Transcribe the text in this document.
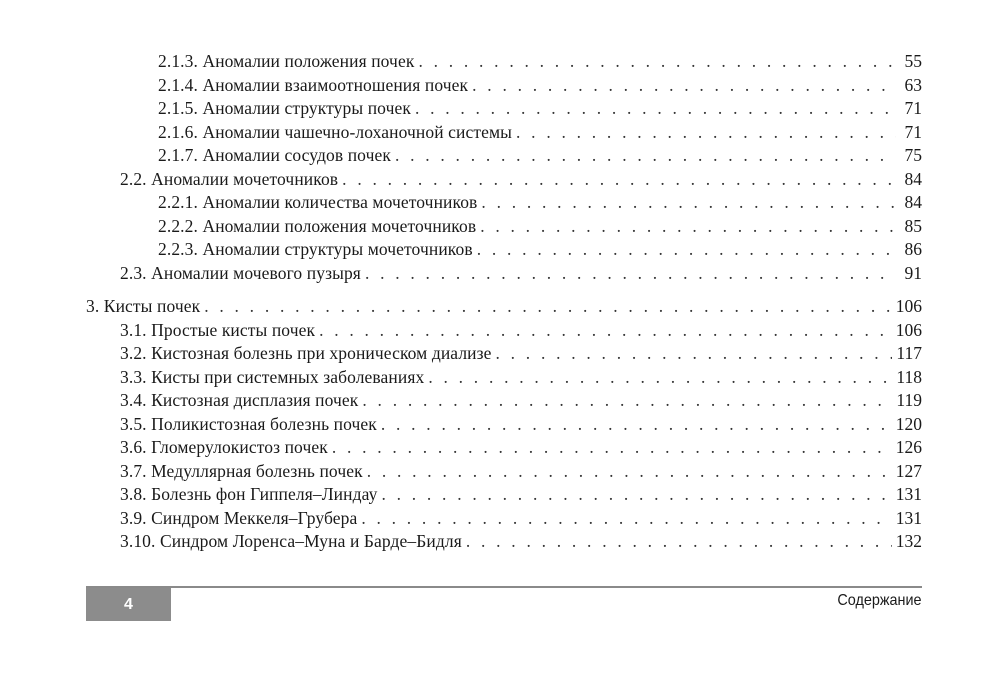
2.1.3. Аномалии положения почек . . .	55
2.1.4. Аномалии взаимоотношения почек . . .	63
2.1.5. Аномалии структуры почек . . .	71
2.1.6. Аномалии чашечно-лоханочной системы . . .	71
2.1.7. Аномалии сосудов почек . . .	75
2.2. Аномалии мочеточников . . .	84
2.2.1. Аномалии количества мочеточников . . .	84
2.2.2. Аномалии положения мочеточников . . .	85
2.2.3. Аномалии структуры мочеточников . . .	86
2.3. Аномалии мочевого пузыря . . .	91
3. Кисты почек . . .	106
3.1. Простые кисты почек . . .	106
3.2. Кистозная болезнь при хроническом диализе . . .	117
3.3. Кисты при системных заболеваниях . . .	118
3.4. Кистозная дисплазия почек . . .	119
3.5. Поликистозная болезнь почек . . .	120
3.6. Гломерулокистоз почек . . .	126
3.7. Медуллярная болезнь почек . . .	127
3.8. Болезнь фон Гиппеля–Линдау . . .	131
3.9. Синдром Меккеля–Грубера . . .	131
3.10. Синдром Лоренса–Муна и Барде–Бидля . . .	132
4	Содержание
